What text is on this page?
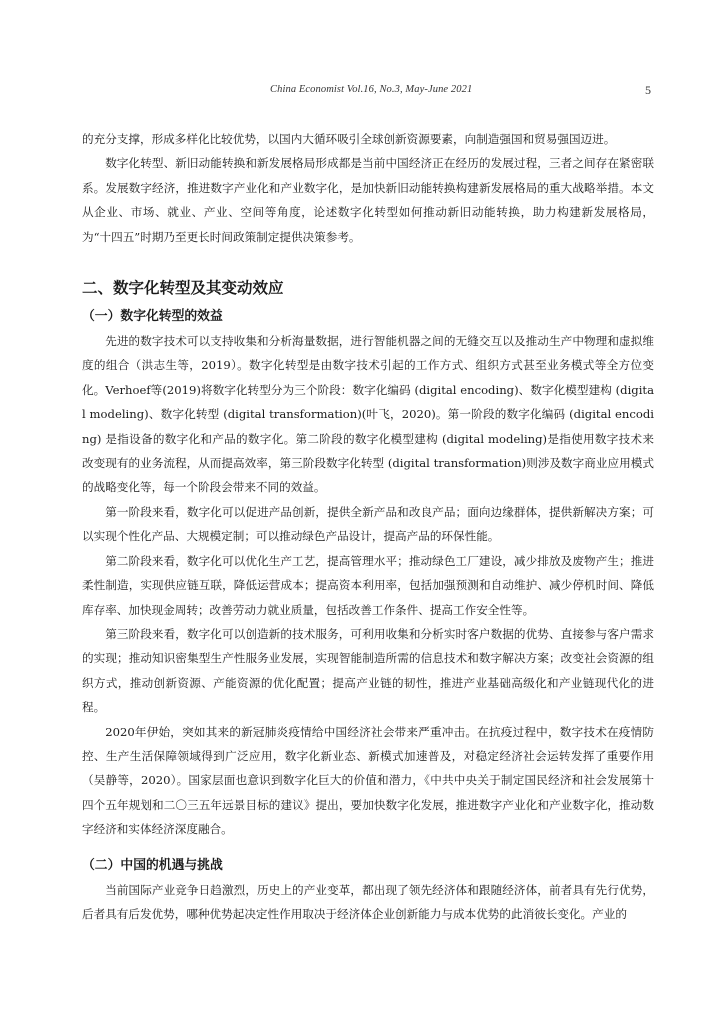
China Economist Vol.16, No.3, May-June 2021	5

的充分支撑，形成多样化比较优势，以国内大循环吸引全球创新资源要素，向制造强国和贸易强国迈进。

数字化转型、新旧动能转换和新发展格局形成都是当前中国经济正在经历的发展过程，三者之间存在紧密联系。发展数字经济，推进数字产业化和产业数字化，是加快新旧动能转换构建新发展格局的重大战略举措。本文从企业、市场、就业、产业、空间等角度，论述数字化转型如何推动新旧动能转换，助力构建新发展格局，为“十四五”时期乃至更长时间政策制定提供决策参考。

二、数字化转型及其变动效应
（一）数字化转型的效益

先进的数字技术可以支持收集和分析海量数据，进行智能机器之间的无缝交互以及推动生产中物理和虚拟维度的组合（洪志生等，2019）。数字化转型是由数字技术引起的工作方式、组织方式甚至业务模式等全方位变化。Verhoef等(2019)将数字化转型分为三个阶段：数字化编码 (digital encoding)、数字化模型建构 (digital modeling)、数字化转型 (digital transformation)(叶飞，2020)。第一阶段的数字化编码 (digital encoding) 是指设备的数字化和产品的数字化。第二阶段的数字化模型建构 (digital modeling)是指使用数字技术来改变现有的业务流程，从而提高效率，第三阶段数字化转型 (digital transformation)则涉及数字商业应用模式的战略变化等，每一个阶段会带来不同的效益。

第一阶段来看，数字化可以促进产品创新，提供全新产品和改良产品；面向边缘群体，提供新解决方案；可以实现个性化产品、大规模定制；可以推动绿色产品设计，提高产品的环保性能。

第二阶段来看，数字化可以优化生产工艺，提高管理水平；推动绿色工厂建设，减少排放及废物产生；推进柔性制造，实现供应链互联，降低运营成本；提高资本利用率，包括加强预测和自动维护、减少停机时间、降低库存率、加快现金周转；改善劳动力就业质量，包括改善工作条件、提高工作安全性等。

第三阶段来看，数字化可以创造新的技术服务，可利用收集和分析实时客户数据的优势、直接参与客户需求的实现；推动知识密集型生产性服务业发展，实现智能制造所需的信息技术和数字解决方案；改变社会资源的组织方式，推动创新资源、产能资源的优化配置；提高产业链的韧性，推进产业基础高级化和产业链现代化的进程。

2020年伊始，突如其来的新冠肺炎疫情给中国经济社会带来严重冲击。在抗疫过程中，数字技术在疫情防控、生产生活保障领域得到广泛应用，数字化新业态、新模式加速普及，对稳定经济社会运转发挥了重要作用（吴静等，2020）。国家层面也意识到数字化巨大的价值和潜力，《中共中央关于制定国民经济和社会发展第十四个五年规划和二〇三五年远景目标的建议》提出，要加快数字化发展，推进数字产业化和产业数字化，推动数字经济和实体经济深度融合。

（二）中国的机遇与挑战

当前国际产业竞争日趋激烈，历史上的产业变革，都出现了领先经济体和跟随经济体，前者具有先行优势，后者具有后发优势，哪种优势起决定性作用取决于经济体企业创新能力与成本优势的此消彼长变化。产业的
